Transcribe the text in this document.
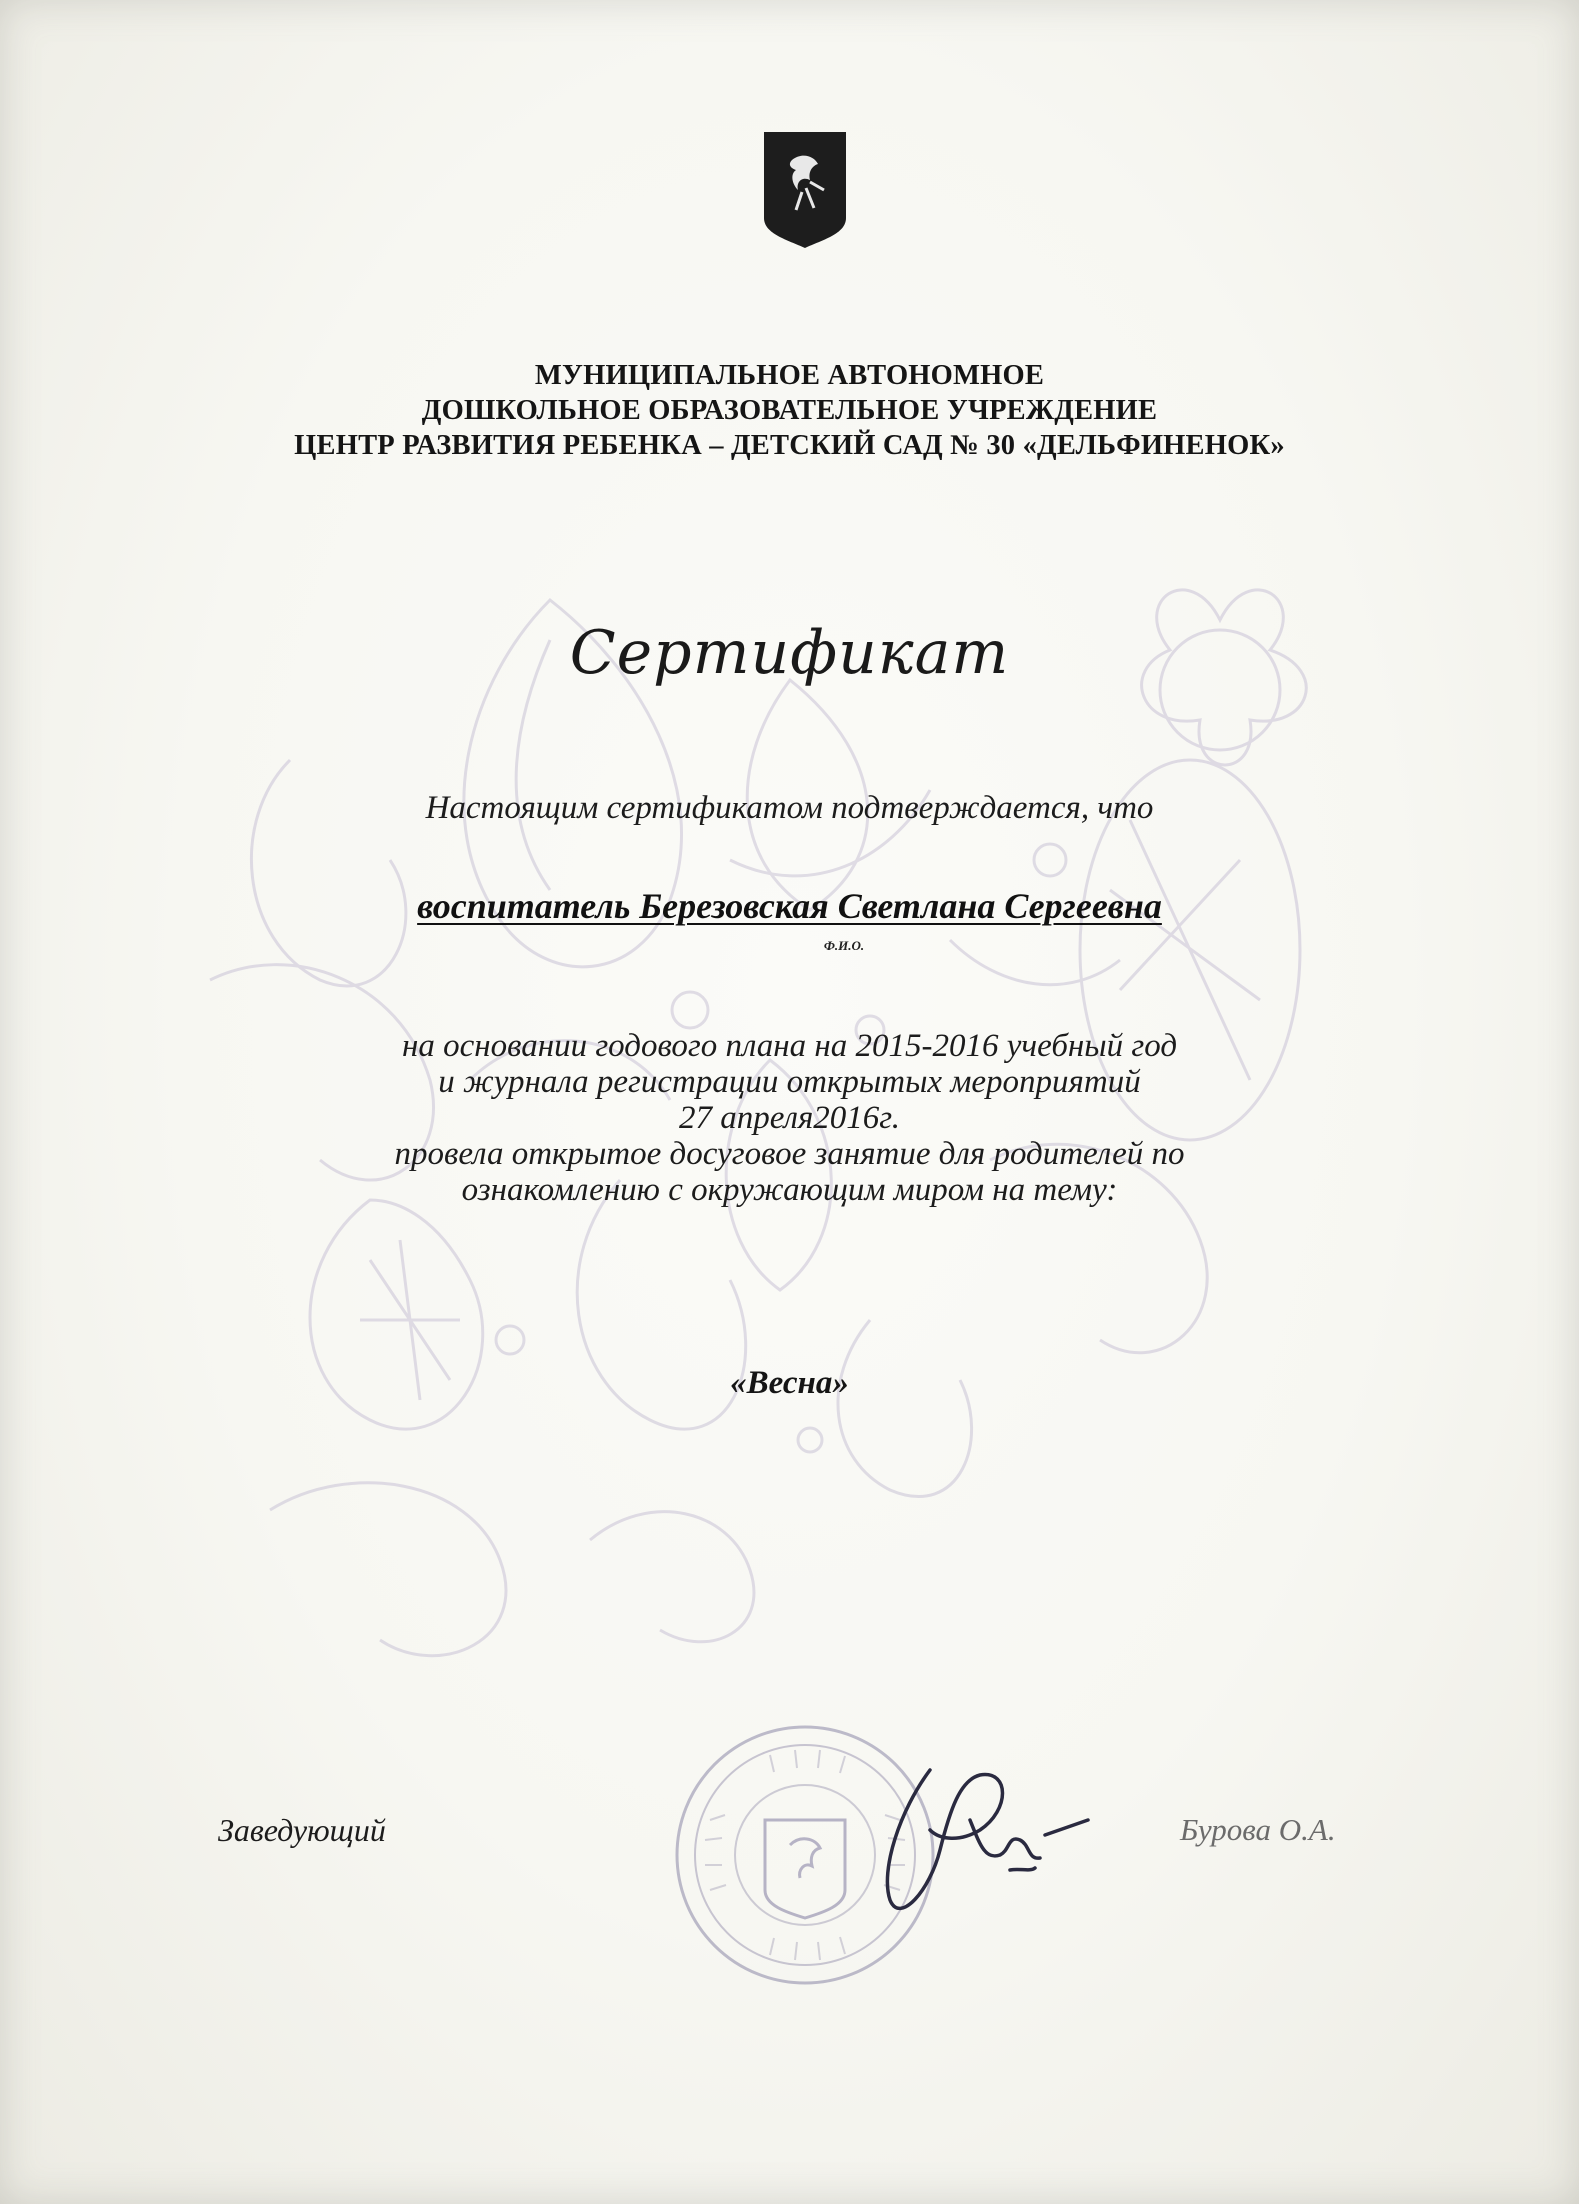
МУНИЦИПАЛЬНОЕ АВТОНОМНОЕ
ДОШКОЛЬНОЕ ОБРАЗОВАТЕЛЬНОЕ УЧРЕЖДЕНИЕ
ЦЕНТР РАЗВИТИЯ РЕБЕНКА – ДЕТСКИЙ САД № 30 «ДЕЛЬФИНЕНОК»
Сертификат
Настоящим сертификатом подтверждается, что
воспитатель Березовская Светлана Сергеевна
Ф.И.О.
на основании годового плана на 2015-2016 учебный год
и журнала регистрации открытых мероприятий
27 апреля2016г.
провела открытое досуговое занятие для родителей по
ознакомлению с окружающим миром на тему:
«Весна»
Заведующий	Бурова О.А.
